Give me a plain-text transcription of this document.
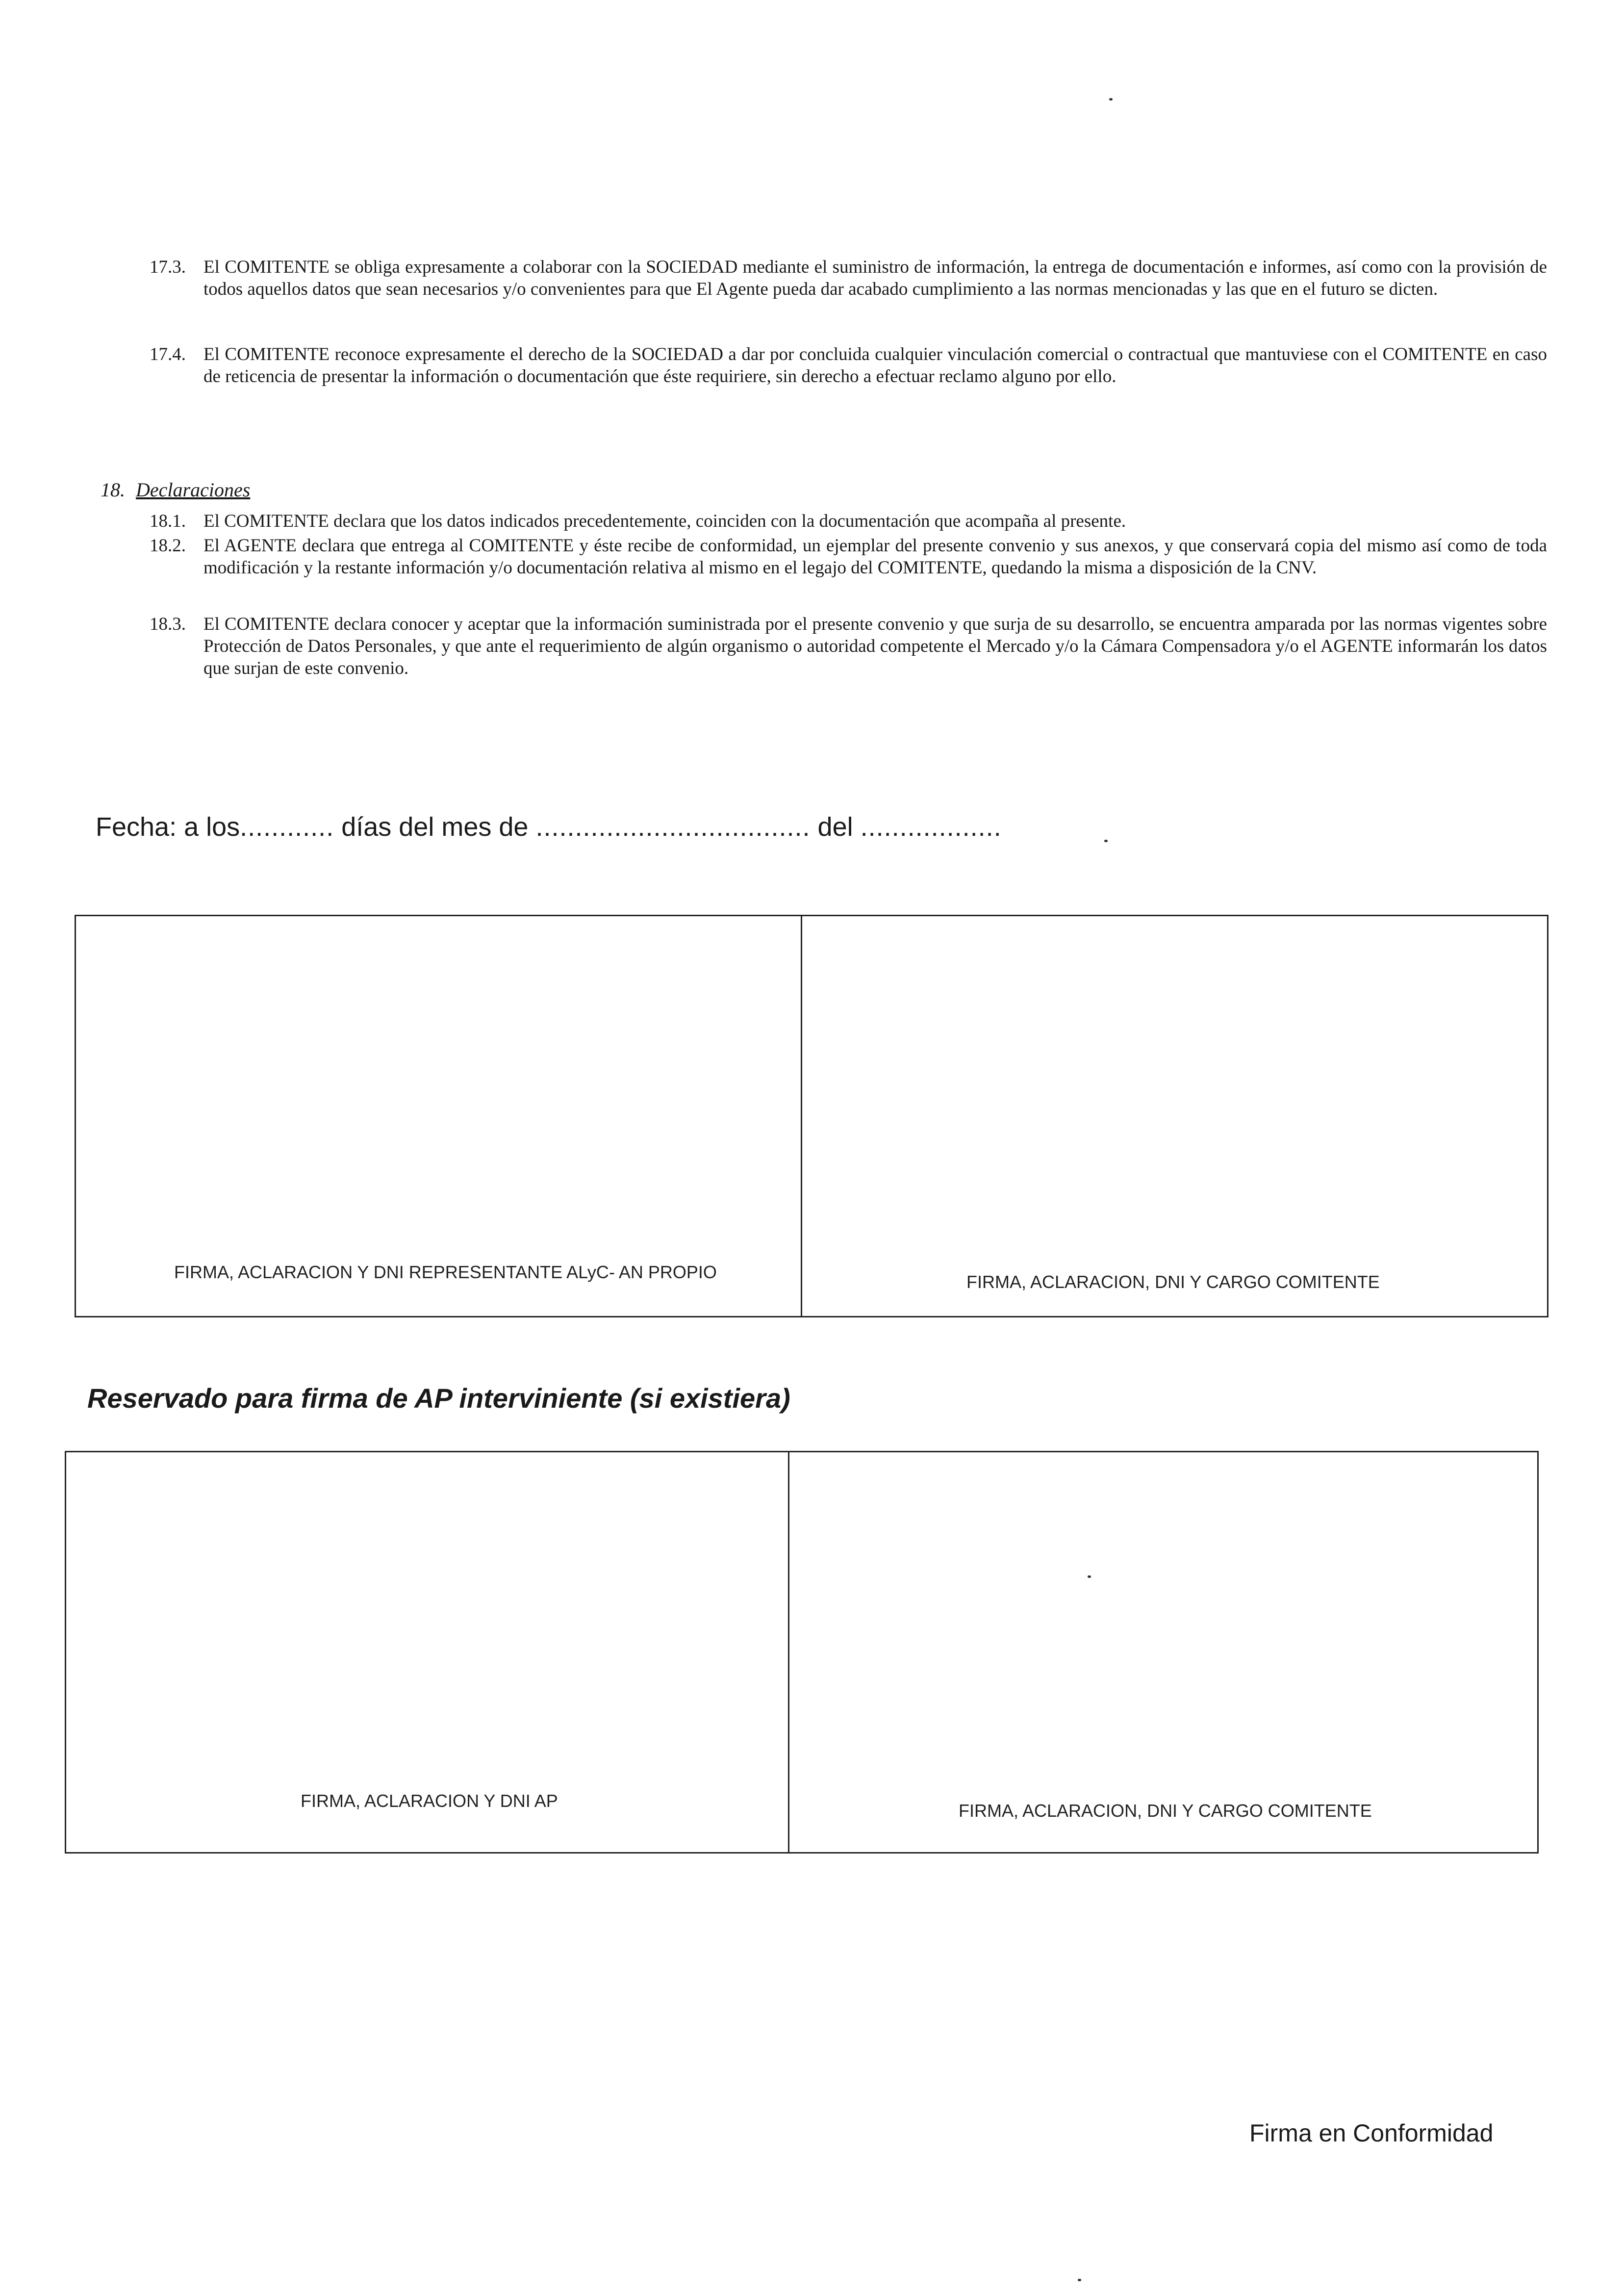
17.3. El COMITENTE se obliga expresamente a colaborar con la SOCIEDAD mediante el suministro de información, la entrega de documentación e informes, así como con la provisión de todos aquellos datos que sean necesarios y/o convenientes para que El Agente pueda dar acabado cumplimiento a las normas mencionadas y las que en el futuro se dicten.
17.4. El COMITENTE reconoce expresamente el derecho de la SOCIEDAD a dar por concluida cualquier vinculación comercial o contractual que mantuviese con el COMITENTE en caso de reticencia de presentar la información o documentación que éste requiriere, sin derecho a efectuar reclamo alguno por ello.
18. Declaraciones
18.1. El COMITENTE declara que los datos indicados precedentemente, coinciden con la documentación que acompaña al presente.
18.2. El AGENTE declara que entrega al COMITENTE y éste recibe de conformidad, un ejemplar del presente convenio y sus anexos, y que conservará copia del mismo así como de toda modificación y la restante información y/o documentación relativa al mismo en el legajo del COMITENTE, quedando la misma a disposición de la CNV.
18.3. El COMITENTE declara conocer y aceptar que la información suministrada por el presente convenio y que surja de su desarrollo, se encuentra amparada por las normas vigentes sobre Protección de Datos Personales, y que ante el requerimiento de algún organismo o autoridad competente el Mercado y/o la Cámara Compensadora y/o el AGENTE informarán los datos que surjan de este convenio.
Fecha: a los............ días del mes de ................................... del ..................
FIRMA, ACLARACION Y DNI REPRESENTANTE ALyC- AN PROPIO	FIRMA, ACLARACION, DNI Y CARGO COMITENTE
Reservado para firma de AP interviniente (si existiera)
FIRMA, ACLARACION Y DNI AP	FIRMA, ACLARACION, DNI Y CARGO COMITENTE
Firma en Conformidad
